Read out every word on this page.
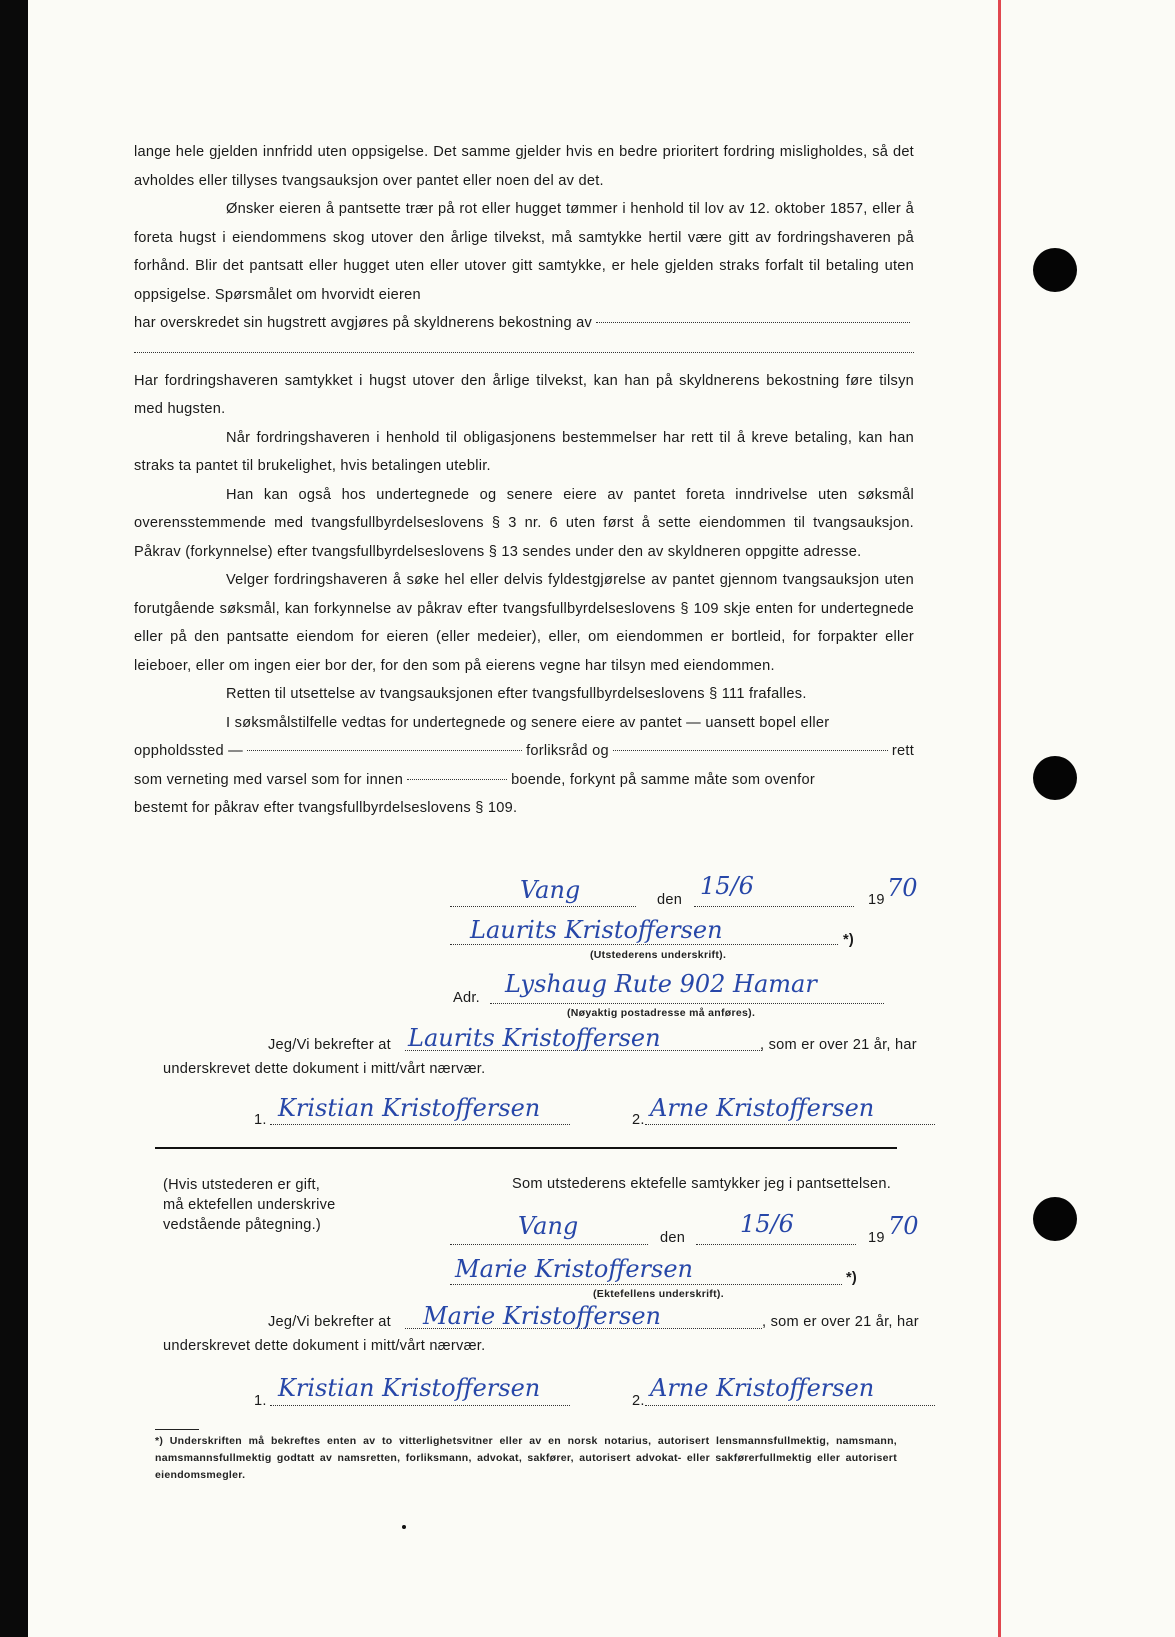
lange hele gjelden innfridd uten oppsigelse. Det samme gjelder hvis en bedre prioritert fordring misligholdes, så det avholdes eller tillyses tvangsauksjon over pantet eller noen del av det.

Ønsker eieren å pantsette trær på rot eller hugget tømmer i henhold til lov av 12. oktober 1857, eller å foreta hugst i eiendommens skog utover den årlige tilvekst, må samtykke hertil være gitt av fordringshaveren på forhånd. Blir det pantsatt eller hugget uten eller utover gitt samtykke, er hele gjelden straks forfalt til betaling uten oppsigelse. Spørsmålet om hvorvidt eieren

har overskredet sin hugstrett avgjøres på skyldnerens bekostning av

Har fordringshaveren samtykket i hugst utover den årlige tilvekst, kan han på skyldnerens bekostning føre tilsyn med hugsten.

Når fordringshaveren i henhold til obligasjonens bestemmelser har rett til å kreve betaling, kan han straks ta pantet til brukelighet, hvis betalingen uteblir.

Han kan også hos undertegnede og senere eiere av pantet foreta inndrivelse uten søksmål overensstemmende med tvangsfullbyrdelseslovens § 3 nr. 6 uten først å sette eiendommen til tvangsauksjon. Påkrav (forkynnelse) efter tvangsfullbyrdelseslovens § 13 sendes under den av skyldneren oppgitte adresse.

Velger fordringshaveren å søke hel eller delvis fyldestgjørelse av pantet gjennom tvangsauksjon uten forutgående søksmål, kan forkynnelse av påkrav efter tvangsfullbyrdelseslovens § 109 skje enten for undertegnede eller på den pantsatte eiendom for eieren (eller medeier), eller, om eiendommen er bortleid, for forpakter eller leieboer, eller om ingen eier bor der, for den som på eierens vegne har tilsyn med eiendommen.

Retten til utsettelse av tvangsauksjonen efter tvangsfullbyrdelseslovens § 111 frafalles.

I søksmålstilfelle vedtas for undertegnede og senere eiere av pantet — uansett bopel eller

oppholdssted —	forliksråd og	rett
som verneting med varsel som for innen	boende, forkynt på samme måte som ovenfor

bestemt for påkrav efter tvangsfullbyrdelseslovens § 109.

Vang	den 15/6	19 70
Laurits Kristoffersen	*)
(Utstederens underskrift).
Adr. Lyshaug Rute 902 Hamar
(Nøyaktig postadresse må anføres).
Jeg/Vi bekrefter at Laurits Kristoffersen	, som er over 21 år, har
underskrevet dette dokument i mitt/vårt nærvær.
1. Kristian Kristoffersen	2. Arne Kristoffersen
(Hvis utstederen er gift,
må ektefellen underskrive
vedstående påtegning.)
Som utstederens ektefelle samtykker jeg i pantsettelsen.
Vang	den 15/6	19 70
Marie Kristoffersen	*)
(Ektefellens underskrift).
Jeg/Vi bekrefter at Marie Kristoffersen	, som er over 21 år, har
underskrevet dette dokument i mitt/vårt nærvær.
1. Kristian Kristoffersen	2. Arne Kristoffersen
*) Underskriften må bekreftes enten av to vitterlighetsvitner eller av en norsk notarius, autorisert lensmannsfullmektig, namsmann, namsmannsfullmektig godtatt av namsretten, forliksmann, advokat, sakfører, autorisert advokat- eller sakførerfullmektig eller autorisert eiendomsmegler.
